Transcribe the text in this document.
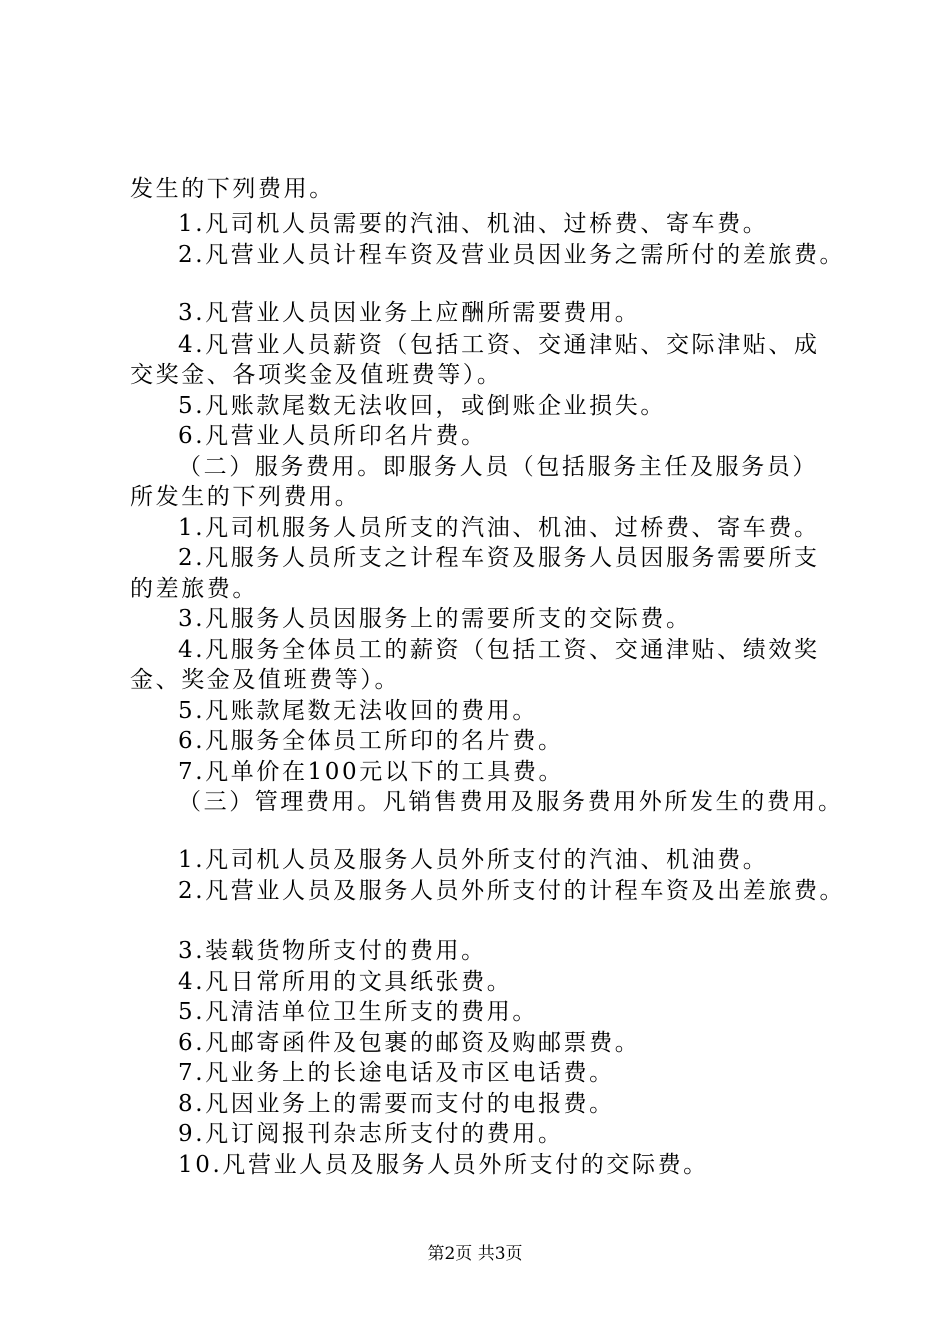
发生的下列费用。
1.凡司机人员需要的汽油、机油、过桥费、寄车费。
2.凡营业人员计程车资及营业员因业务之需所付的差旅费。
3.凡营业人员因业务上应酬所需要费用。
4.凡营业人员薪资（包括工资、交通津贴、交际津贴、成
交奖金、各项奖金及值班费等）。
5.凡账款尾数无法收回，或倒账企业损失。
6.凡营业人员所印名片费。
（二）服务费用。即服务人员（包括服务主任及服务员）
所发生的下列费用。
1.凡司机服务人员所支的汽油、机油、过桥费、寄车费。
2.凡服务人员所支之计程车资及服务人员因服务需要所支
的差旅费。
3.凡服务人员因服务上的需要所支的交际费。
4.凡服务全体员工的薪资（包括工资、交通津贴、绩效奖
金、奖金及值班费等）。
5.凡账款尾数无法收回的费用。
6.凡服务全体员工所印的名片费。
7.凡单价在100元以下的工具费。
（三）管理费用。凡销售费用及服务费用外所发生的费用。
1.凡司机人员及服务人员外所支付的汽油、机油费。
2.凡营业人员及服务人员外所支付的计程车资及出差旅费。
3.装载货物所支付的费用。
4.凡日常所用的文具纸张费。
5.凡清洁单位卫生所支的费用。
6.凡邮寄函件及包裹的邮资及购邮票费。
7.凡业务上的长途电话及市区电话费。
8.凡因业务上的需要而支付的电报费。
9.凡订阅报刊杂志所支付的费用。
10.凡营业人员及服务人员外所支付的交际费。
第2页 共3页
